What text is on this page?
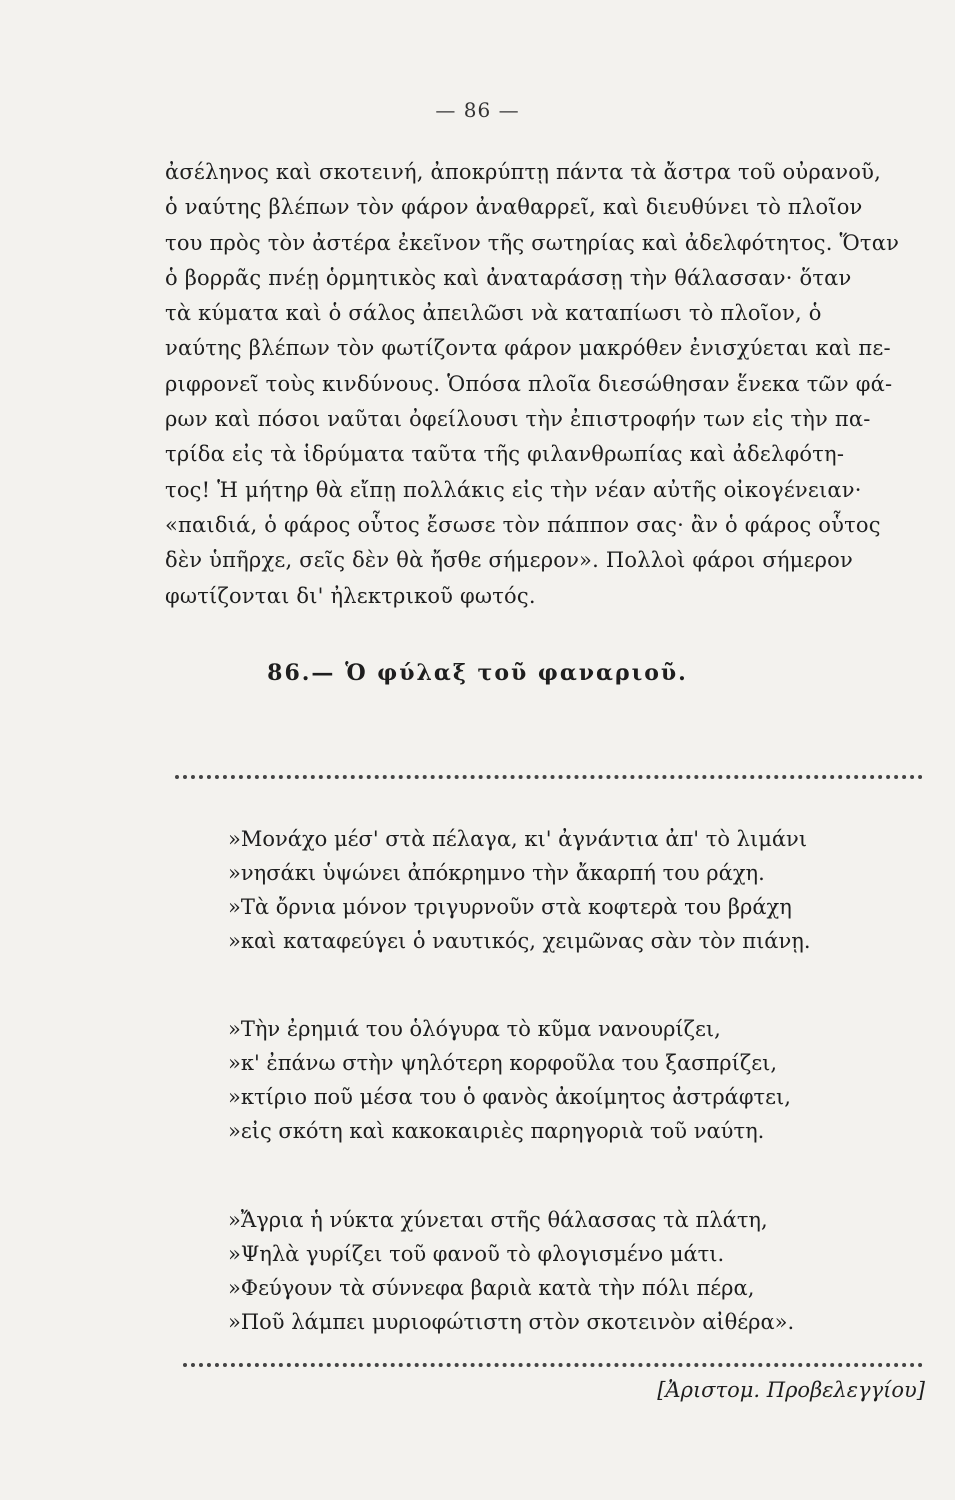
— 86 —
ἀσέληνος καὶ σκοτεινή, ἀποκρύπτῃ πάντα τὰ ἄστρα τοῦ οὐρανοῦ,
ὁ ναύτης βλέπων τὸν φάρον ἀναθαρρεῖ, καὶ διευθύνει τὸ πλοῖον
του πρὸς τὸν ἀστέρα ἐκεῖνον τῆς σωτηρίας καὶ ἀδελφότητος. Ὅταν
ὁ βορρᾶς πνέῃ ὁρμητικὸς καὶ ἀναταράσσῃ τὴν θάλασσαν· ὅταν
τὰ κύματα καὶ ὁ σάλος ἀπειλῶσι νὰ καταπίωσι τὸ πλοῖον, ὁ
ναύτης βλέπων τὸν φωτίζοντα φάρον μακρόθεν ἐνισχύεται καὶ πε-
ριφρονεῖ τοὺς κινδύνους. Ὁπόσα πλοῖα διεσώθησαν ἕνεκα τῶν φά-
ρων καὶ πόσοι ναῦται ὀφείλουσι τὴν ἐπιστροφήν των εἰς τὴν πα-
τρίδα εἰς τὰ ἱδρύματα ταῦτα τῆς φιλανθρωπίας καὶ ἀδελφότη-
τος! Ἡ μήτηρ θὰ εἴπῃ πολλάκις εἰς τὴν νέαν αὐτῆς οἰκογένειαν·
«παιδιά, ὁ φάρος οὗτος ἔσωσε τὸν πάππον σας· ἂν ὁ φάρος οὗτος
δὲν ὑπῆρχε, σεῖς δὲν θὰ ἤσθε σήμερον». Πολλοὶ φάροι σήμερον
φωτίζονται δι' ἠλεκτρικοῦ φωτός.
86.— Ὁ φύλαξ τοῦ φαναριοῦ.
»Μονάχο μέσ' στὰ πέλαγα, κι' ἀγνάντια ἀπ' τὸ λιμάνι
»νησάκι ὑψώνει ἀπόκρημνο τὴν ἄκαρπή του ράχη.
»Τὰ ὄρνια μόνον τριγυρνοῦν στὰ κοφτερὰ του βράχη
»καὶ καταφεύγει ὁ ναυτικός, χειμῶνας σὰν τὸν πιάνῃ.
»Τὴν ἐρημιά του ὁλόγυρα τὸ κῦμα νανουρίζει,
»κ' ἐπάνω στὴν ψηλότερη κορφοῦλα του ξασπρίζει,
»κτίριο ποῦ μέσα του ὁ φανὸς ἀκοίμητος ἀστράφτει,
»εἰς σκότη καὶ κακοκαιριὲς παρηγοριὰ τοῦ ναύτη.
»Ἄγρια ἡ νύκτα χύνεται στῆς θάλασσας τὰ πλάτη,
»Ψηλὰ γυρίζει τοῦ φανοῦ τὸ φλογισμένο μάτι.
»Φεύγουν τὰ σύννεφα βαριὰ κατὰ τὴν πόλι πέρα,
»Ποῦ λάμπει μυριοφώτιστη στὸν σκοτεινὸν αἰθέρα».
[Ἀριστομ. Προβελεγγίου]
